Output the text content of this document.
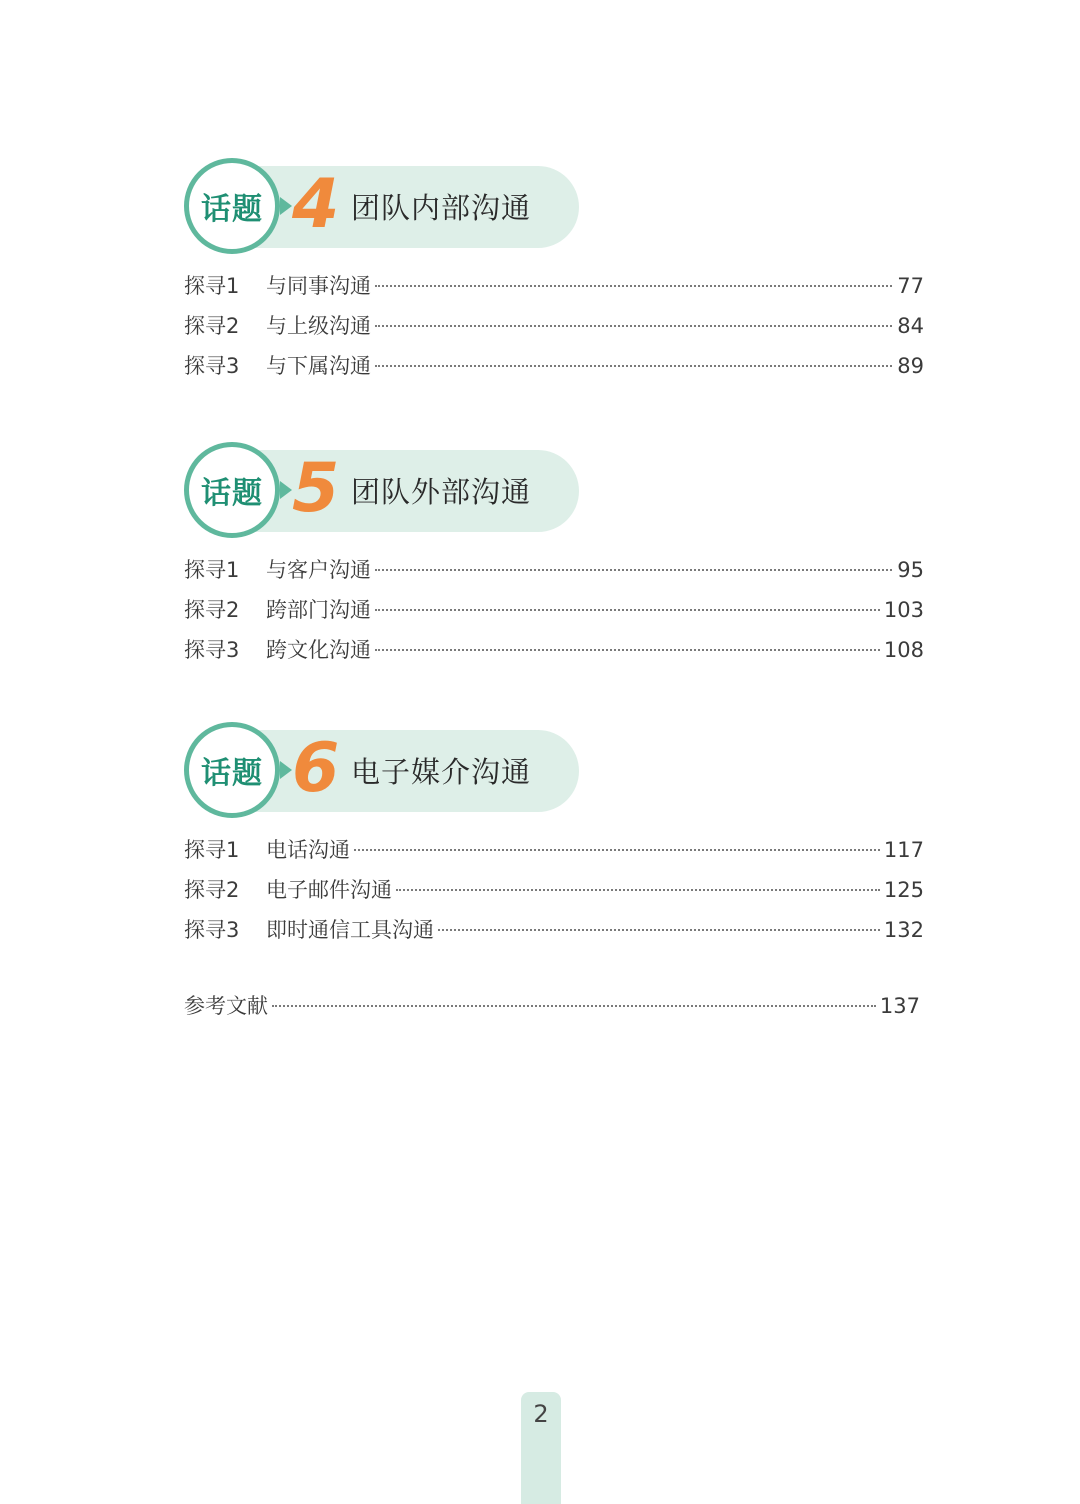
话题 4 团队内部沟通
探寻1	与同事沟通	77
探寻2	与上级沟通	84
探寻3	与下属沟通	89
话题 5 团队外部沟通
探寻1	与客户沟通	95
探寻2	跨部门沟通	103
探寻3	跨文化沟通	108
话题 6 电子媒介沟通
探寻1	电话沟通	117
探寻2	电子邮件沟通	125
探寻3	即时通信工具沟通	132
参考文献	137
2
